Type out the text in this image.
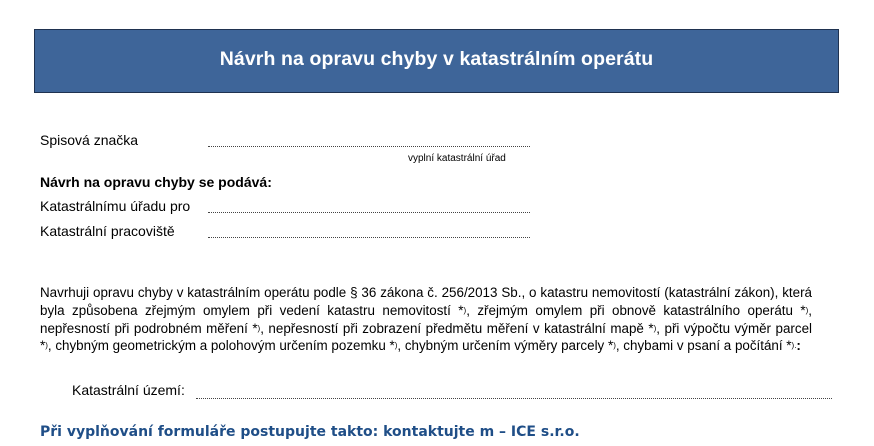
Návrh na opravu chyby v katastrálním operátu
Spisová značka
vyplní katastrální úřad
Návrh na opravu chyby se podává:
Katastrálnímu úřadu pro
Katastrální pracoviště
Navrhuji opravu chyby v katastrálním operátu podle § 36 zákona č. 256/2013 Sb., o katastru nemovitostí (katastrální zákon), která byla způsobena zřejmým omylem při vedení katastru nemovitostí *), zřejmým omylem při obnově katastrálního operátu *), nepřesností při podrobném měření *), nepřesností při zobrazení předmětu měření v katastrální mapě *), při výpočtu výměr parcel *), chybným geometrickým a polohovým určením pozemku *), chybným určením výměry parcely *), chybami v psaní a počítání *).:
Katastrální území:
Při vyplňování formuláře postupujte takto: kontaktujte m – ICE s.r.o.
